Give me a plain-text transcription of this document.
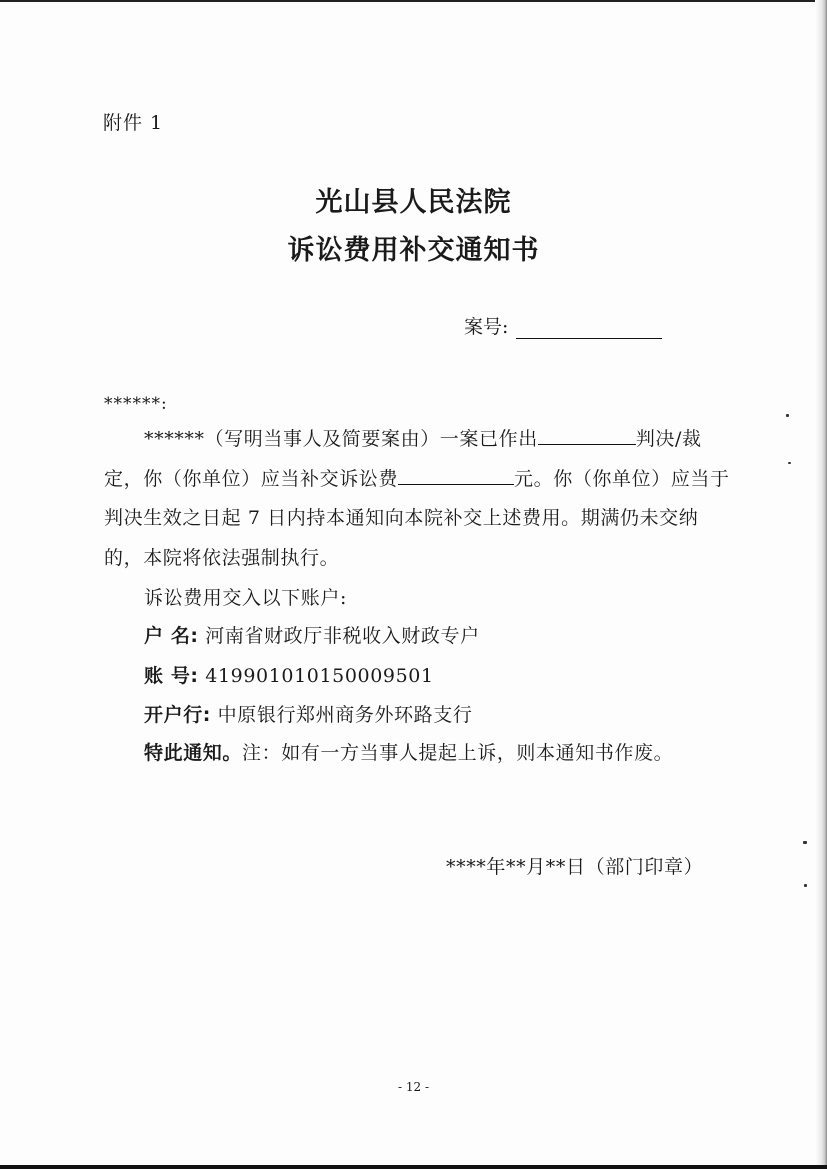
附件 1
光山县人民法院
诉讼费用补交通知书
案号:
******:
******（写明当事人及简要案由）一案已作出	判决/裁定，你（你单位）应当补交诉讼费	元。你（你单位）应当于判决生效之日起 7 日内持本通知向本院补交上述费用。期满仍未交纳的，本院将依法强制执行。
诉讼费用交入以下账户:
户 名: 河南省财政厅非税收入财政专户
账 号: 419901010150009501
开户行: 中原银行郑州商务外环路支行
特此通知。注：如有一方当事人提起上诉，则本通知书作废。
****年**月**日（部门印章）
- 12 -
